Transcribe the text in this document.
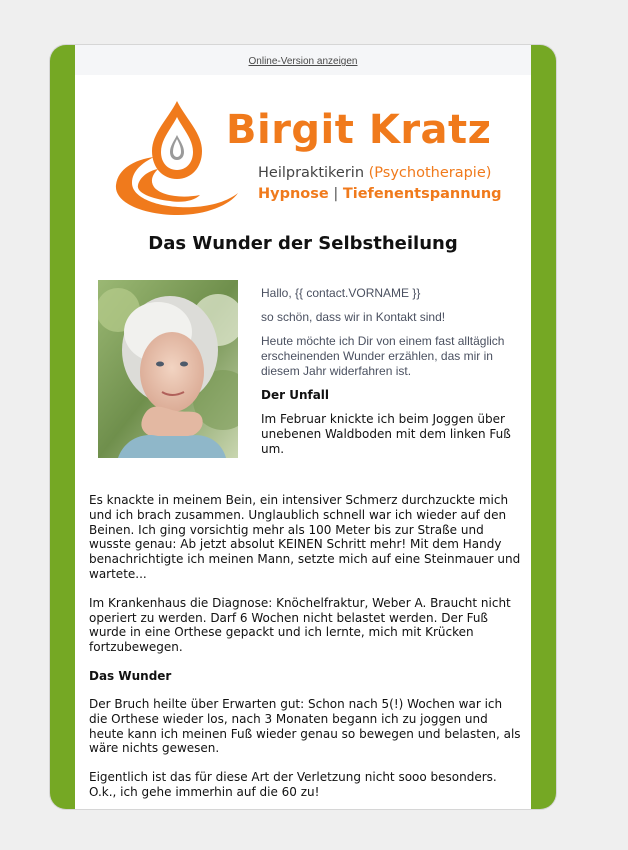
Online-Version anzeigen
Birgit Kratz
Heilpraktikerin (Psychotherapie)
Hypnose | Tiefenentspannung
Das Wunder der Selbstheilung

Hallo, {{ contact.VORNAME }}

so schön, dass wir in Kontakt sind!

Heute möchte ich Dir von einem fast alltäglich erscheinenden Wunder erzählen, das mir in diesem Jahr widerfahren ist.

Der Unfall

Im Februar knickte ich beim Joggen über unebenen Waldboden mit dem linken Fuß um.

Es knackte in meinem Bein, ein intensiver Schmerz durchzuckte mich und ich brach zusammen. Unglaublich schnell war ich wieder auf den Beinen. Ich ging vorsichtig mehr als 100 Meter bis zur Straße und wusste genau: Ab jetzt absolut KEINEN Schritt mehr! Mit dem Handy benachrichtigte ich meinen Mann, setzte mich auf eine Steinmauer und wartete...

Im Krankenhaus die Diagnose: Knöchelfraktur, Weber A. Braucht nicht operiert zu werden. Darf 6 Wochen nicht belastet werden. Der Fuß wurde in eine Orthese gepackt und ich lernte, mich mit Krücken fortzubewegen.

Das Wunder

Der Bruch heilte über Erwarten gut: Schon nach 5(!) Wochen war ich die Orthese wieder los, nach 3 Monaten begann ich zu joggen und heute kann ich meinen Fuß wieder genau so bewegen und belasten, als wäre nichts gewesen.

Eigentlich ist das für diese Art der Verletzung nicht sooo besonders. O.k., ich gehe immerhin auf die 60 zu!
